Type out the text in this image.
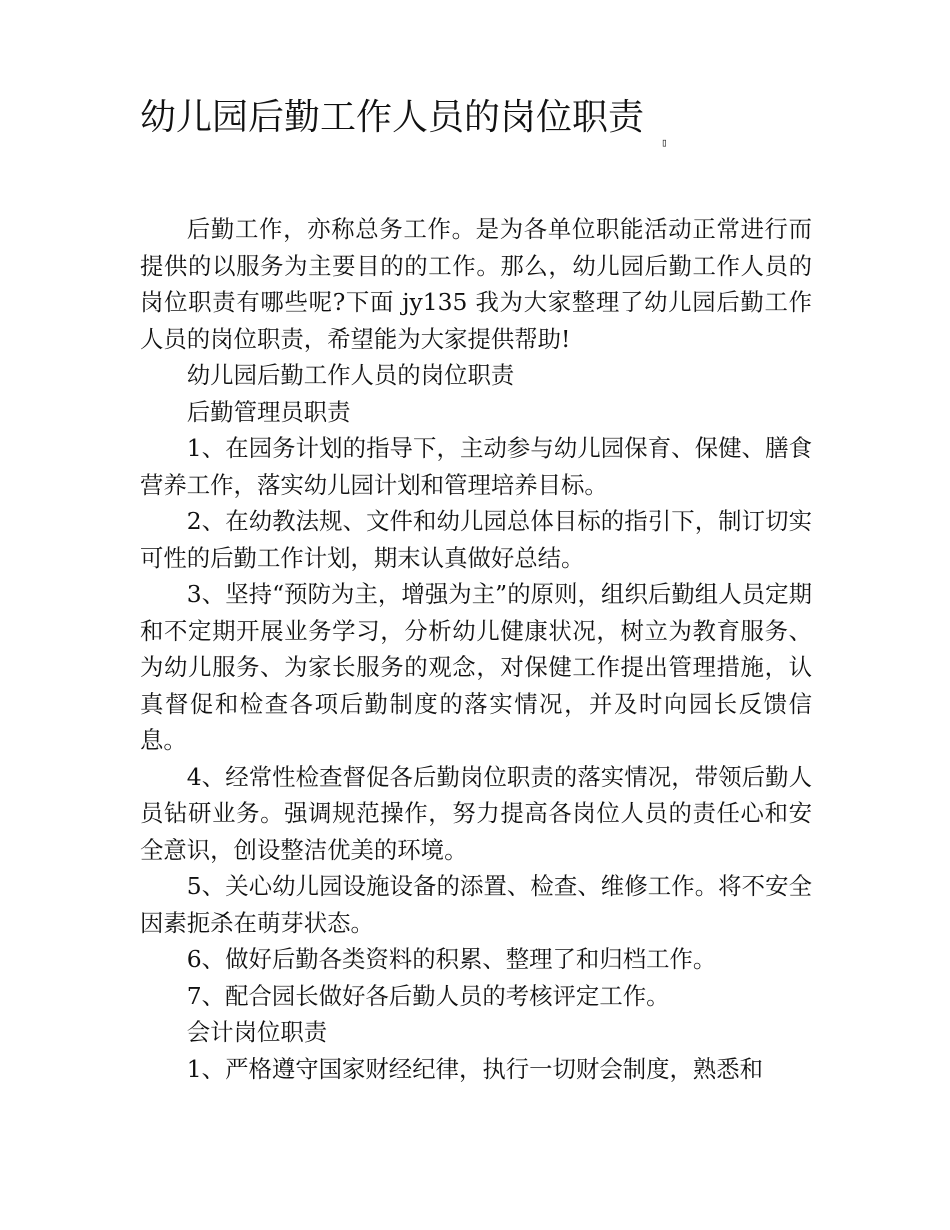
幼儿园后勤工作人员的岗位职责
▯

后勤工作，亦称总务工作。是为各单位职能活动正常进行而提供的以服务为主要目的的工作。那么，幼儿园后勤工作人员的岗位职责有哪些呢?下面 jy135 我为大家整理了幼儿园后勤工作人员的岗位职责，希望能为大家提供帮助!

幼儿园后勤工作人员的岗位职责

后勤管理员职责

1、在园务计划的指导下，主动参与幼儿园保育、保健、膳食营养工作，落实幼儿园计划和管理培养目标。

2、在幼教法规、文件和幼儿园总体目标的指引下，制订切实可性的后勤工作计划，期末认真做好总结。

3、坚持“预防为主，增强为主”的原则，组织后勤组人员定期和不定期开展业务学习，分析幼儿健康状况，树立为教育服务、为幼儿服务、为家长服务的观念，对保健工作提出管理措施，认真督促和检查各项后勤制度的落实情况，并及时向园长反馈信息。

4、经常性检查督促各后勤岗位职责的落实情况，带领后勤人员钻研业务。强调规范操作，努力提高各岗位人员的责任心和安全意识，创设整洁优美的环境。

5、关心幼儿园设施设备的添置、检查、维修工作。将不安全因素扼杀在萌芽状态。

6、做好后勤各类资料的积累、整理了和归档工作。

7、配合园长做好各后勤人员的考核评定工作。

会计岗位职责

1、严格遵守国家财经纪律，执行一切财会制度，熟悉和
